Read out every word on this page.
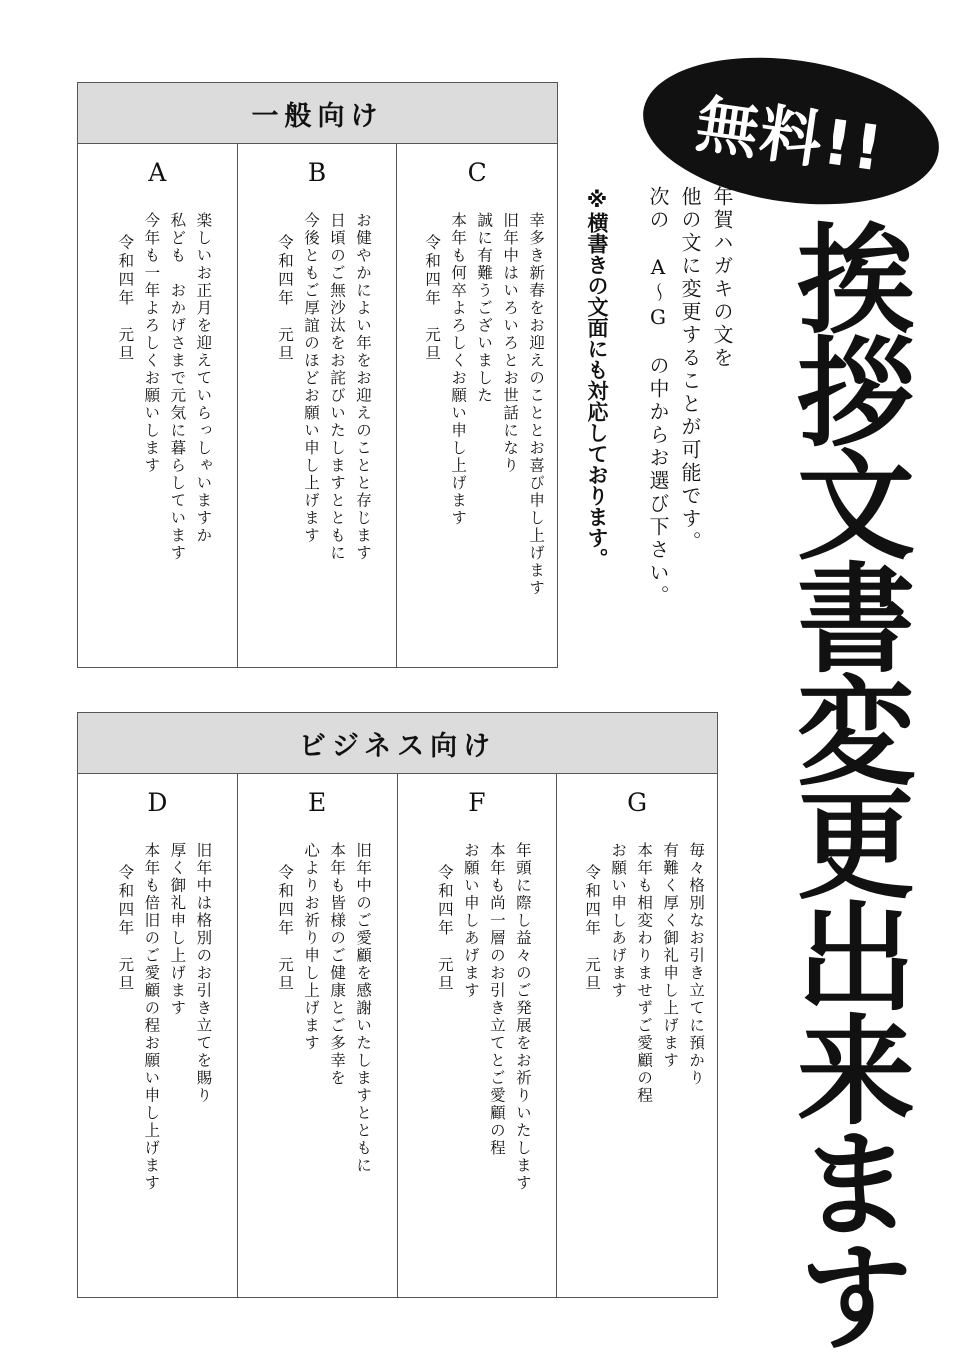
無料!!
挨拶文書変更出来ます
年賀ハガキの文を
他の文に変更することが可能です。
次の　A～G　の中からお選び下さい。
※横書きの文面にも対応しております。
一般向け
A
楽しいお正月を迎えていらっしゃいますか
私ども　おかげさまで元気に暮らしています
今年も一年よろしくお願いします
令和四年　元旦
B
お健やかによい年をお迎えのことと存じます
日頃のご無沙汰をお詫びいたしますとともに
今後ともご厚誼のほどお願い申し上げます
令和四年　元旦
C
幸多き新春をお迎えのこととお喜び申し上げます
旧年中はいろいろとお世話になり
誠に有難うございました
本年も何卒よろしくお願い申し上げます
令和四年　元旦
ビジネス向け
D
旧年中は格別のお引き立てを賜り
厚く御礼申し上げます
本年も倍旧のご愛顧の程お願い申し上げます
令和四年　元旦
E
旧年中のご愛顧を感謝いたしますとともに
本年も皆様のご健康とご多幸を
心よりお祈り申し上げます
令和四年　元旦
F
年頭に際し益々のご発展をお祈りいたします
本年も尚一層のお引き立てとご愛顧の程
お願い申しあげます
令和四年　元旦
G
毎々格別なお引き立てに預かり
有難く厚く御礼申し上げます
本年も相変わりませずご愛顧の程
お願い申しあげます
令和四年　元旦
